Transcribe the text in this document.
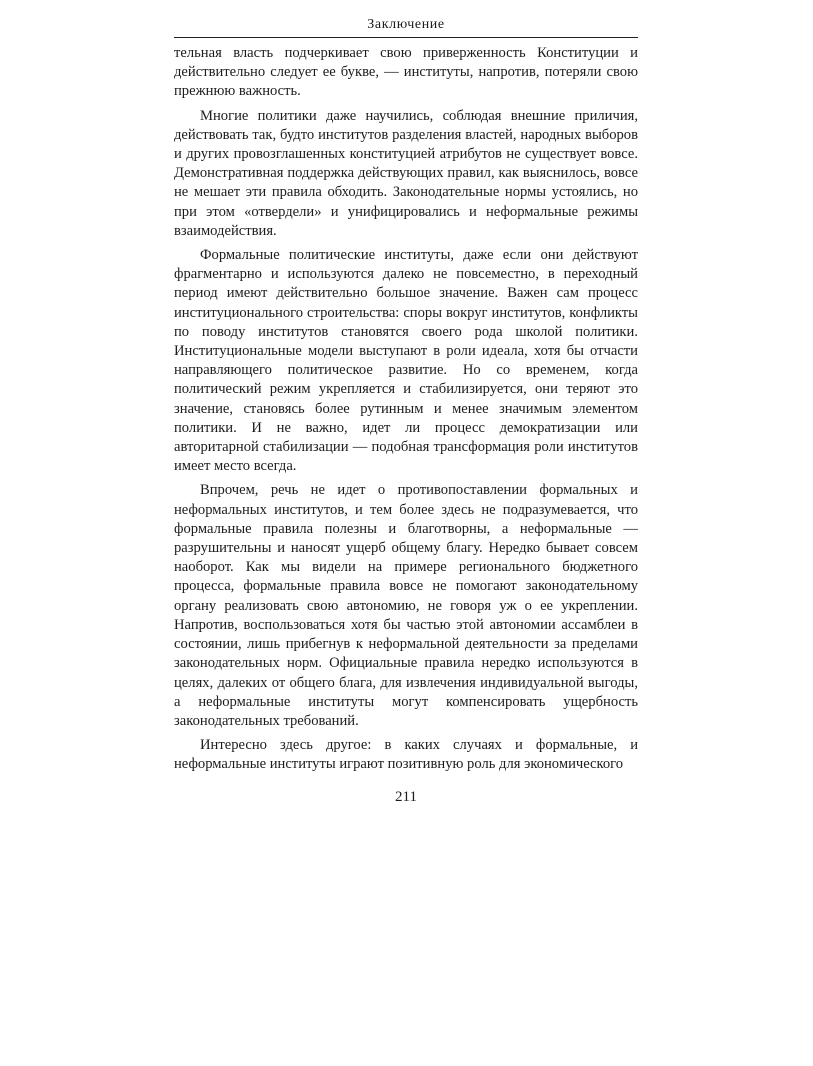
Заключение

тельная власть подчеркивает свою приверженность Конституции и действительно следует ее букве, — институты, напротив, потеряли свою прежнюю важность.

Многие политики даже научились, соблюдая внешние приличия, действовать так, будто институтов разделения властей, народных выборов и других провозглашенных конституцией атрибутов не существует вовсе. Демонстративная поддержка действующих правил, как выяснилось, вовсе не мешает эти правила обходить. Законодательные нормы устоялись, но при этом «отвердели» и унифицировались и неформальные режимы взаимодействия.

Формальные политические институты, даже если они действуют фрагментарно и используются далеко не повсеместно, в переходный период имеют действительно большое значение. Важен сам процесс институционального строительства: споры вокруг институтов, конфликты по поводу институтов становятся своего рода школой политики. Институциональные модели выступают в роли идеала, хотя бы отчасти направляющего политическое развитие. Но со временем, когда политический режим укрепляется и стабилизируется, они теряют это значение, становясь более рутинным и менее значимым элементом политики. И не важно, идет ли процесс демократизации или авторитарной стабилизации — подобная трансформация роли институтов имеет место всегда.

Впрочем, речь не идет о противопоставлении формальных и неформальных институтов, и тем более здесь не подразумевается, что формальные правила полезны и благотворны, а неформальные — разрушительны и наносят ущерб общему благу. Нередко бывает совсем наоборот. Как мы видели на примере регионального бюджетного процесса, формальные правила вовсе не помогают законодательному органу реализовать свою автономию, не говоря уж о ее укреплении. Напротив, воспользоваться хотя бы частью этой автономии ассамблеи в состоянии, лишь прибегнув к неформальной деятельности за пределами законодательных норм. Официальные правила нередко используются в целях, далеких от общего блага, для извлечения индивидуальной выгоды, а неформальные институты могут компенсировать ущербность законодательных требований.

Интересно здесь другое: в каких случаях и формальные, и неформальные институты играют позитивную роль для экономического

211
